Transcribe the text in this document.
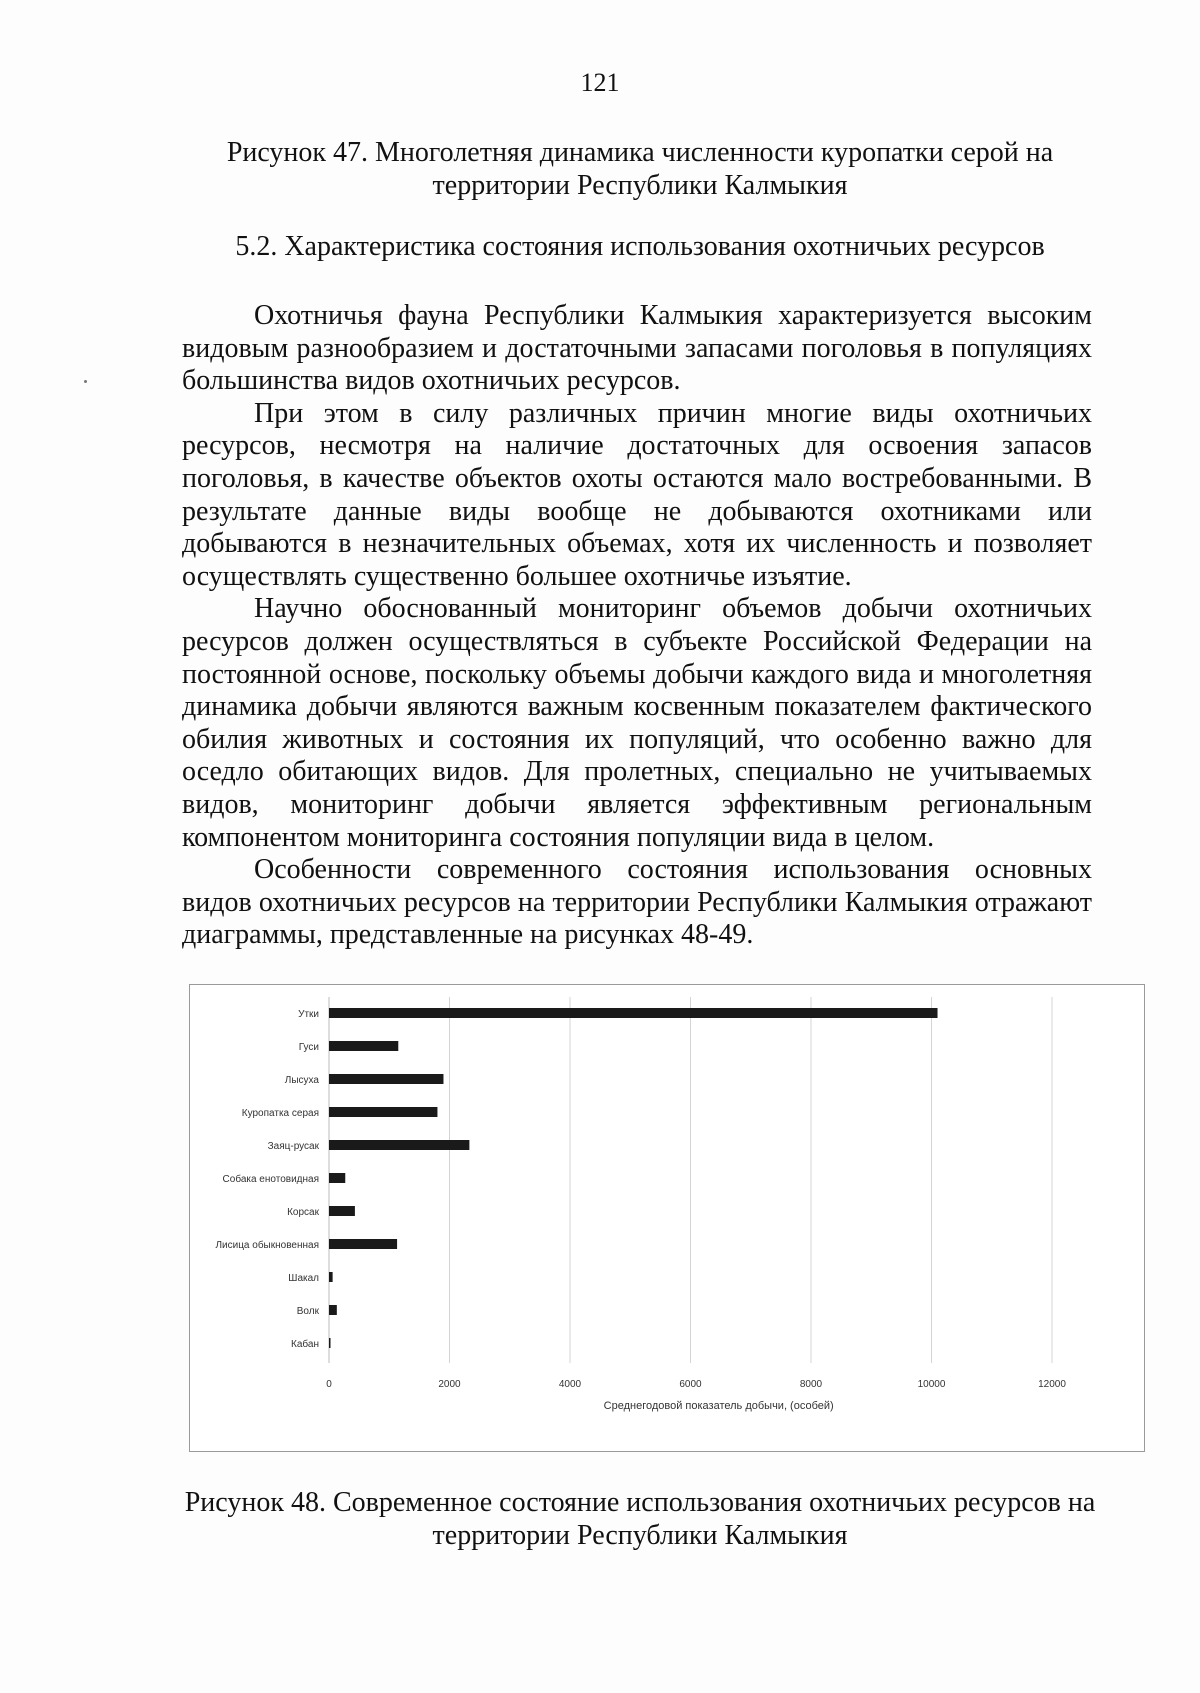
121
Рисунок 47. Многолетняя динамика численности куропатки серой на территории Республики Калмыкия
5.2. Характеристика состояния использования охотничьих ресурсов

Охотничья фауна Республики Калмыкия характеризуется высоким видовым разнообразием и достаточными запасами поголовья в популяциях большинства видов охотничьих ресурсов.

При этом в силу различных причин многие виды охотничьих ресурсов, несмотря на наличие достаточных для освоения запасов поголовья, в качестве объектов охоты остаются мало востребованными. В результате данные виды вообще не добываются охотниками или добываются в незначительных объемах, хотя их численность и позволяет осуществлять существенно большее охотничье изъятие.

Научно обоснованный мониторинг объемов добычи охотничьих ресурсов должен осуществляться в субъекте Российской Федерации на постоянной основе, поскольку объемы добычи каждого вида и многолетняя динамика добычи являются важным косвенным показателем фактического обилия животных и состояния их популяций, что особенно важно для оседло обитающих видов. Для пролетных, специально не учитываемых видов, мониторинг добычи является эффективным региональным компонентом мониторинга состояния популяции вида в целом.

Особенности современного состояния использования основных видов охотничьих ресурсов на территории Республики Калмыкия отражают диаграммы, представленные на рисунках 48-49.

0	2000	4000	6000	8000	10000	12000
Утки
Гуси
Лысуха
Куропатка серая
Заяц-русак
Собака енотовидная
Корсак
Лисица обыкновенная
Шакал
Волк
Кабан
Среднегодовой показатель добычи, (особей)
Рисунок 48. Современное состояние использования охотничьих ресурсов на территории Республики Калмыкия
